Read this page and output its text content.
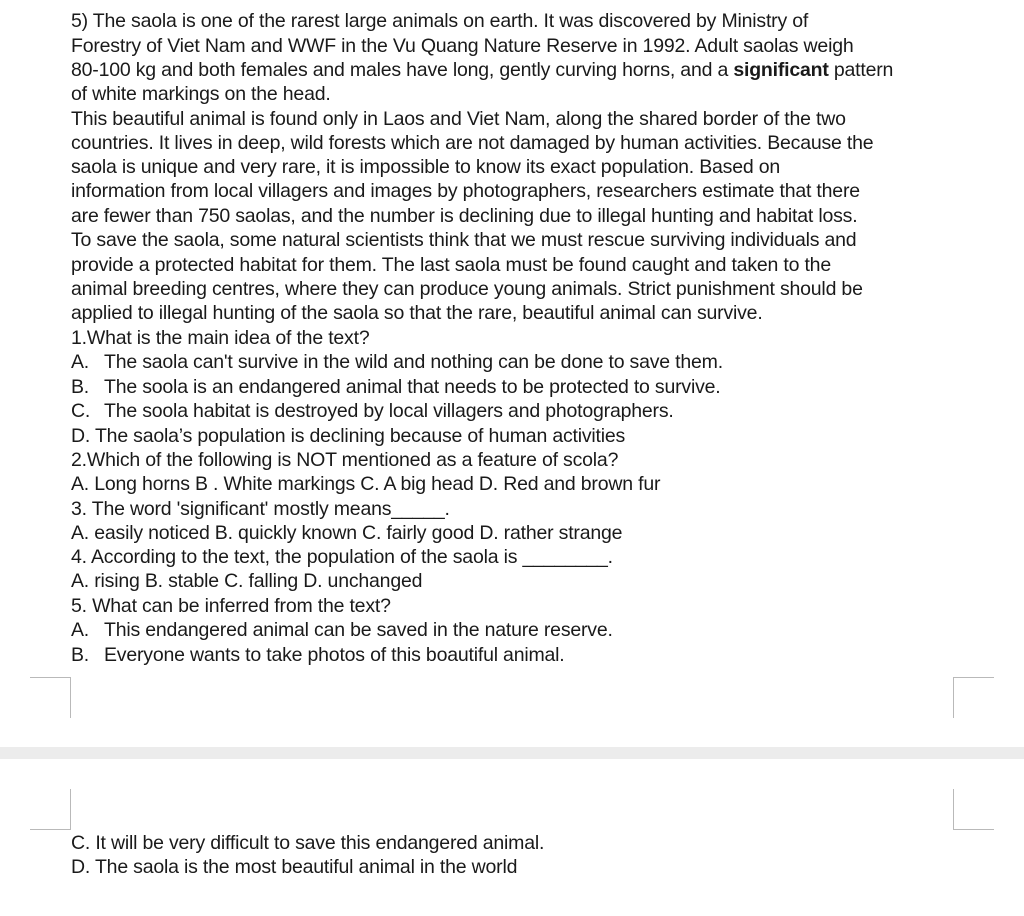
5) The saola is one of the rarest large animals on earth. It was discovered by Ministry of

Forestry of Viet Nam and WWF in the Vu Quang Nature Reserve in 1992. Adult saolas weigh

80-100 kg and both females and males have long, gently curving horns, and a significant pattern

of white markings on the head.

This beautiful animal is found only in Laos and Viet Nam, along the shared border of the two

countries. It lives in deep, wild forests which are not damaged by human activities. Because the

saola is unique and very rare, it is impossible to know its exact population. Based on

information from local villagers and images by photographers, researchers estimate that there

are fewer than 750 saolas, and the number is declining due to illegal hunting and habitat loss.

To save the saola, some natural scientists think that we must rescue surviving individuals and

provide a protected habitat for them. The last saola must be found caught and taken to the

animal breeding centres, where they can produce young animals. Strict punishment should be

applied to illegal hunting of the saola so that the rare, beautiful animal can survive.

1.What is the main idea of the text?

A. The saola can't survive in the wild and nothing can be done to save them.

B. The soola is an endangered animal that needs to be protected to survive.

C. The soola habitat is destroyed by local villagers and photographers.

D. The saola’s population is declining because of human activities

2.Which of the following is NOT mentioned as a feature of scola?

A. Long horns B . White markings C. A big head D. Red and brown fur

3. The word 'significant' mostly means_____.

A. easily noticed B. quickly known C. fairly good D. rather strange

4. According to the text, the population of the saola is ________.

A. rising B. stable C. falling D. unchanged

5. What can be inferred from the text?

A. This endangered animal can be saved in the nature reserve.

B. Everyone wants to take photos of this boautiful animal.

C. It will be very difficult to save this endangered animal.

D. The saola is the most beautiful animal in the world
